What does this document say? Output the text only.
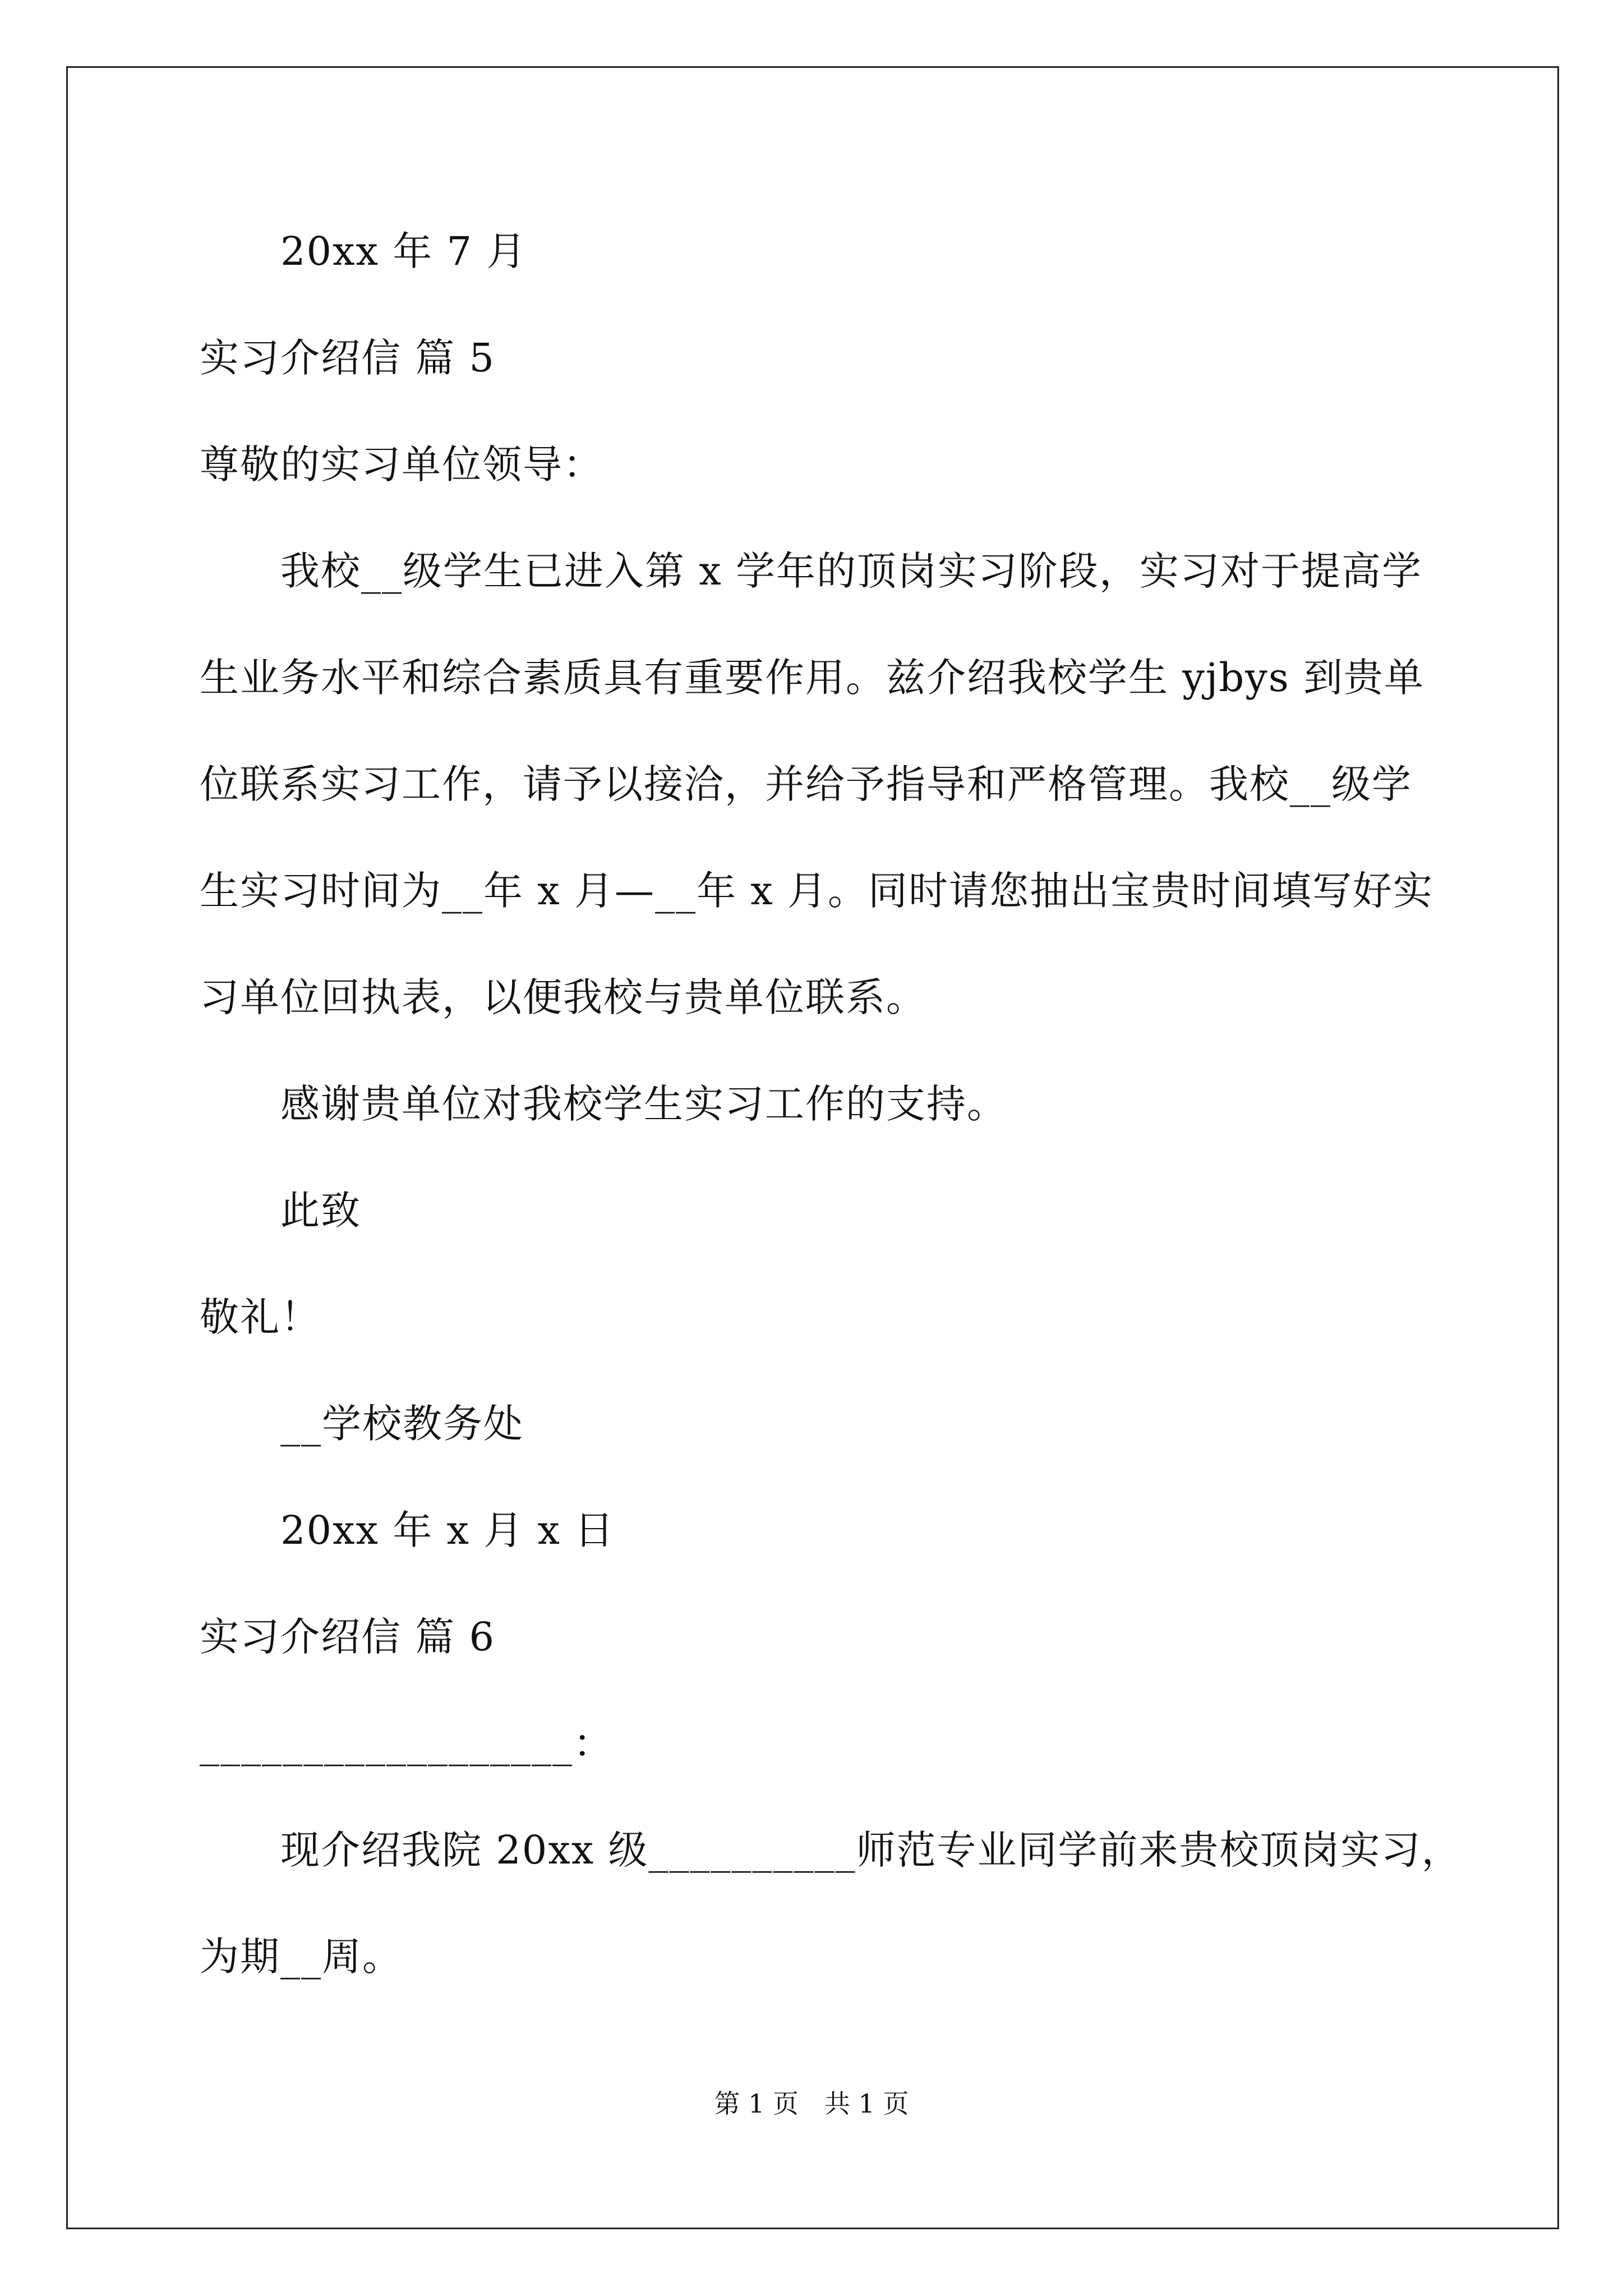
20xx 年 7 月
实习介绍信 篇 5
尊敬的实习单位领导：
我校__级学生已进入第 x 学年的顶岗实习阶段，实习对于提高学
生业务水平和综合素质具有重要作用。兹介绍我校学生 yjbys 到贵单
位联系实习工作，请予以接洽，并给予指导和严格管理。我校__级学
生实习时间为__年 x 月—__年 x 月。同时请您抽出宝贵时间填写好实
习单位回执表，以便我校与贵单位联系。
感谢贵单位对我校学生实习工作的支持。
此致
敬礼！
__学校教务处
20xx 年 x 月 x 日
实习介绍信 篇 6
__________________：
现介绍我院 20xx 级__________师范专业同学前来贵校顶岗实习，
为期__周。
第 1 页　共 1 页
